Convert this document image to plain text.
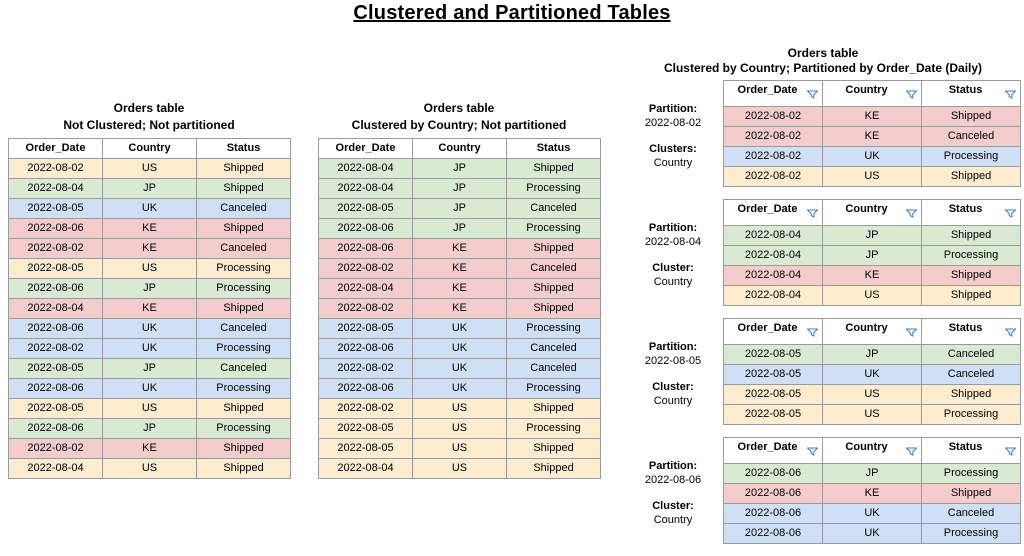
Clustered and Partitioned Tables
Orders table
Not Clustered; Not partitioned
Order_Date	Country	Status
2022-08-02	US	Shipped
2022-08-04	JP	Shipped
2022-08-05	UK	Canceled
2022-08-06	KE	Shipped
2022-08-02	KE	Canceled
2022-08-05	US	Processing
2022-08-06	JP	Processing
2022-08-04	KE	Shipped
2022-08-06	UK	Canceled
2022-08-02	UK	Processing
2022-08-05	JP	Canceled
2022-08-06	UK	Processing
2022-08-05	US	Shipped
2022-08-06	JP	Processing
2022-08-02	KE	Shipped
2022-08-04	US	Shipped
Orders table
Clustered by Country; Not partitioned
Order_Date	Country	Status
2022-08-04	JP	Shipped
2022-08-04	JP	Processing
2022-08-05	JP	Canceled
2022-08-06	JP	Processing
2022-08-06	KE	Shipped
2022-08-02	KE	Canceled
2022-08-04	KE	Shipped
2022-08-02	KE	Shipped
2022-08-05	UK	Processing
2022-08-06	UK	Canceled
2022-08-02	UK	Canceled
2022-08-06	UK	Processing
2022-08-02	US	Shipped
2022-08-05	US	Processing
2022-08-05	US	Shipped
2022-08-04	US	Shipped
Orders table
Clustered by Country; Partitioned by Order_Date (Daily)
Partition:
2022-08-02
Clusters:
Country
Order_Date	Country	Status

2022-08-02	KE	Shipped
2022-08-02	KE	Canceled
2022-08-02	UK	Processing
2022-08-02	US	Shipped
Partition:
2022-08-04
Cluster:
Country
Order_Date	Country	Status

2022-08-04	JP	Shipped
2022-08-04	JP	Processing
2022-08-04	KE	Shipped
2022-08-04	US	Shipped
Partition:
2022-08-05
Cluster:
Country
Order_Date	Country	Status

2022-08-05	JP	Canceled
2022-08-05	UK	Canceled
2022-08-05	US	Shipped
2022-08-05	US	Processing
Partition:
2022-08-06
Cluster:
Country
Order_Date	Country	Status

2022-08-06	JP	Processing
2022-08-06	KE	Shipped
2022-08-06	UK	Canceled
2022-08-06	UK	Processing
